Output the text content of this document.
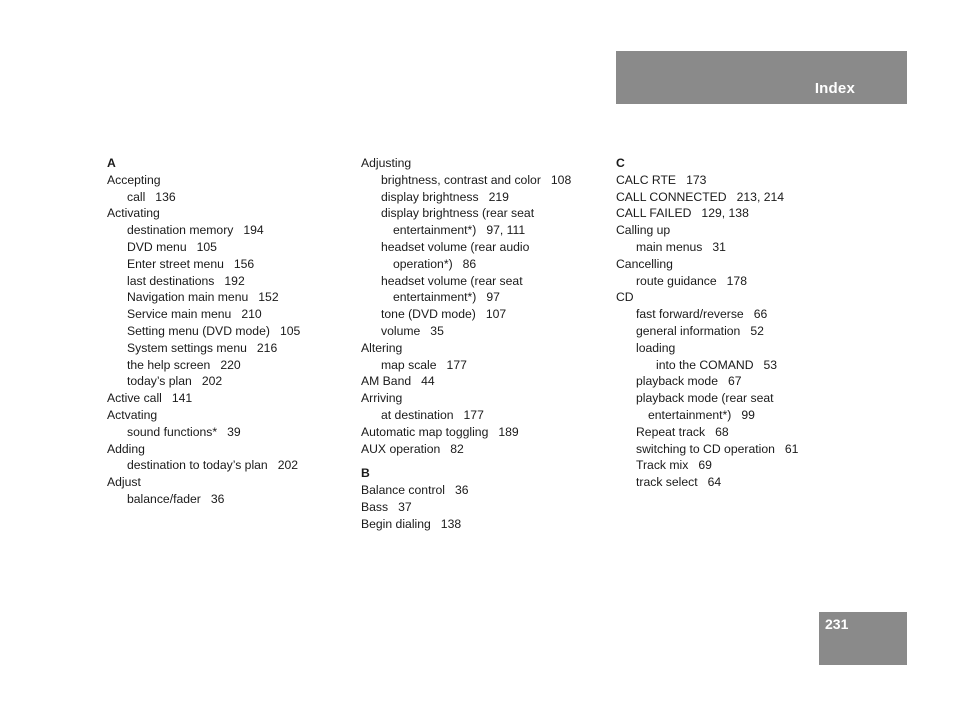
Index
A
Accepting
call 136
Activating
destination memory 194
DVD menu 105
Enter street menu 156
last destinations 192
Navigation main menu 152
Service main menu 210
Setting menu (DVD mode) 105
System settings menu 216
the help screen 220
today’s plan 202
Active call 141
Actvating
sound functions* 39
Adding
destination to today’s plan 202
Adjust
balance/fader 36
Adjusting
brightness, contrast and color 108
display brightness 219
display brightness (rear seat
entertainment*) 97, 111
headset volume (rear audio
operation*) 86
headset volume (rear seat
entertainment*) 97
tone (DVD mode) 107
volume 35
Altering
map scale 177
AM Band 44
Arriving
at destination 177
Automatic map toggling 189
AUX operation 82
B
Balance control 36
Bass 37
Begin dialing 138
C
CALC RTE 173
CALL CONNECTED 213, 214
CALL FAILED 129, 138
Calling up
main menus 31
Cancelling
route guidance 178
CD
fast forward/reverse 66
general information 52
loading
into the COMAND 53
playback mode 67
playback mode (rear seat
entertainment*) 99
Repeat track 68
switching to CD operation 61
Track mix 69
track select 64
231
